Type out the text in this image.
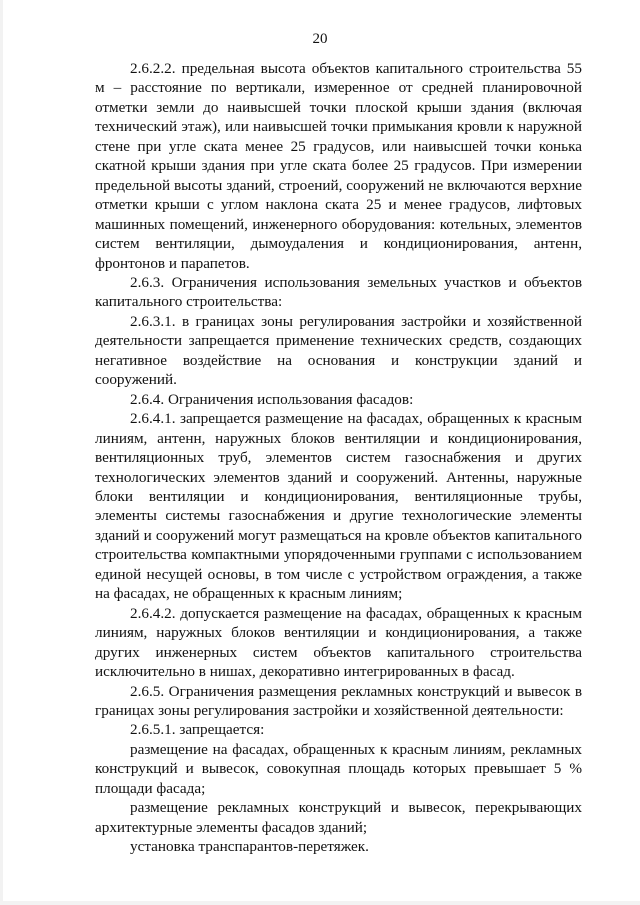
20

2.6.2.2. предельная высота объектов капитального строительства 55 м – расстояние по вертикали, измеренное от средней планировочной отметки земли до наивысшей точки плоской крыши здания (включая технический этаж), или наивысшей точки примыкания кровли к наружной стене при угле ската менее 25 градусов, или наивысшей точки конька скатной крыши здания при угле ската более 25 градусов. При измерении предельной высоты зданий, строений, сооружений не включаются верхние отметки крыши с углом наклона ската 25 и менее градусов, лифтовых машинных помещений, инженерного оборудования: котельных, элементов систем вентиляции, дымоудаления и кондиционирования, антенн, фронтонов и парапетов.

2.6.3. Ограничения использования земельных участков и объектов капитального строительства:

2.6.3.1. в границах зоны регулирования застройки и хозяйственной деятельности запрещается применение технических средств, создающих негативное воздействие на основания и конструкции зданий и сооружений.

2.6.4. Ограничения использования фасадов:

2.6.4.1. запрещается размещение на фасадах, обращенных к красным линиям, антенн, наружных блоков вентиляции и кондиционирования, вентиляционных труб, элементов систем газоснабжения и других технологических элементов зданий и сооружений. Антенны, наружные блоки вентиляции и кондиционирования, вентиляционные трубы, элементы системы газоснабжения и другие технологические элементы зданий и сооружений могут размещаться на кровле объектов капитального строительства компактными упорядоченными группами с использованием единой несущей основы, в том числе с устройством ограждения, а также на фасадах, не обращенных к красным линиям;

2.6.4.2. допускается размещение на фасадах, обращенных к красным линиям, наружных блоков вентиляции и кондиционирования, а также других инженерных систем объектов капитального строительства исключительно в нишах, декоративно интегрированных в фасад.

2.6.5. Ограничения размещения рекламных конструкций и вывесок в границах зоны регулирования застройки и хозяйственной деятельности:

2.6.5.1. запрещается:

размещение на фасадах, обращенных к красным линиям, рекламных конструкций и вывесок, совокупная площадь которых превышает 5 % площади фасада;

размещение рекламных конструкций и вывесок, перекрывающих архитектурные элементы фасадов зданий;

установка транспарантов-перетяжек.
